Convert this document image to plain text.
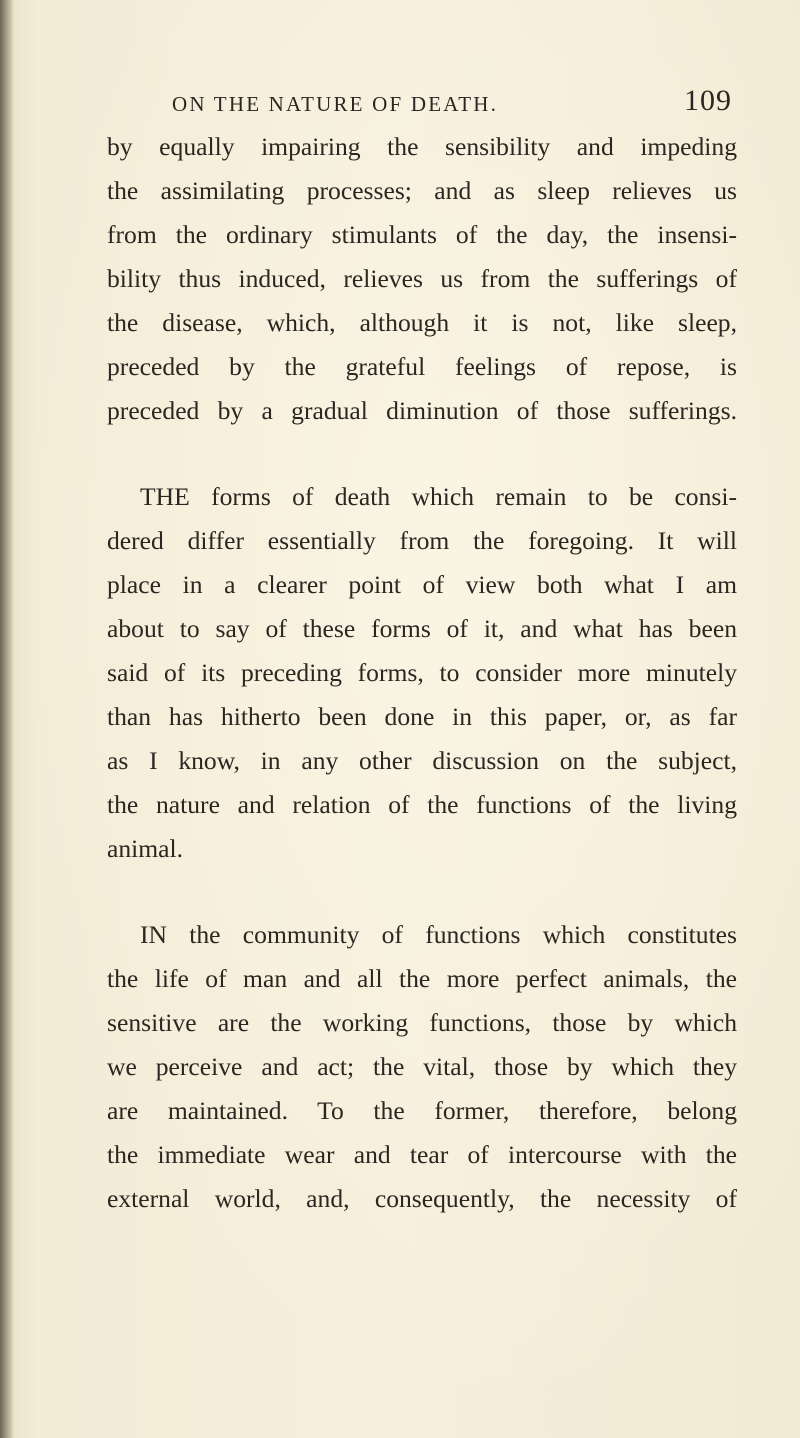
ON THE NATURE OF DEATH.	109
by equally impairing the sensibility and impeding
the assimilating processes; and as sleep relieves us
from the ordinary stimulants of the day, the insensi-
bility thus induced, relieves us from the sufferings of
the disease, which, although it is not, like sleep,
preceded by the grateful feelings of repose, is
preceded by a gradual diminution of those sufferings.
THE forms of death which remain to be consi-
dered differ essentially from the foregoing. It will
place in a clearer point of view both what I am
about to say of these forms of it, and what has been
said of its preceding forms, to consider more minutely
than has hitherto been done in this paper, or, as far
as I know, in any other discussion on the subject,
the nature and relation of the functions of the living
animal.
IN the community of functions which constitutes
the life of man and all the more perfect animals, the
sensitive are the working functions, those by which
we perceive and act; the vital, those by which they
are maintained. To the former, therefore, belong
the immediate wear and tear of intercourse with the
external world, and, consequently, the necessity of
